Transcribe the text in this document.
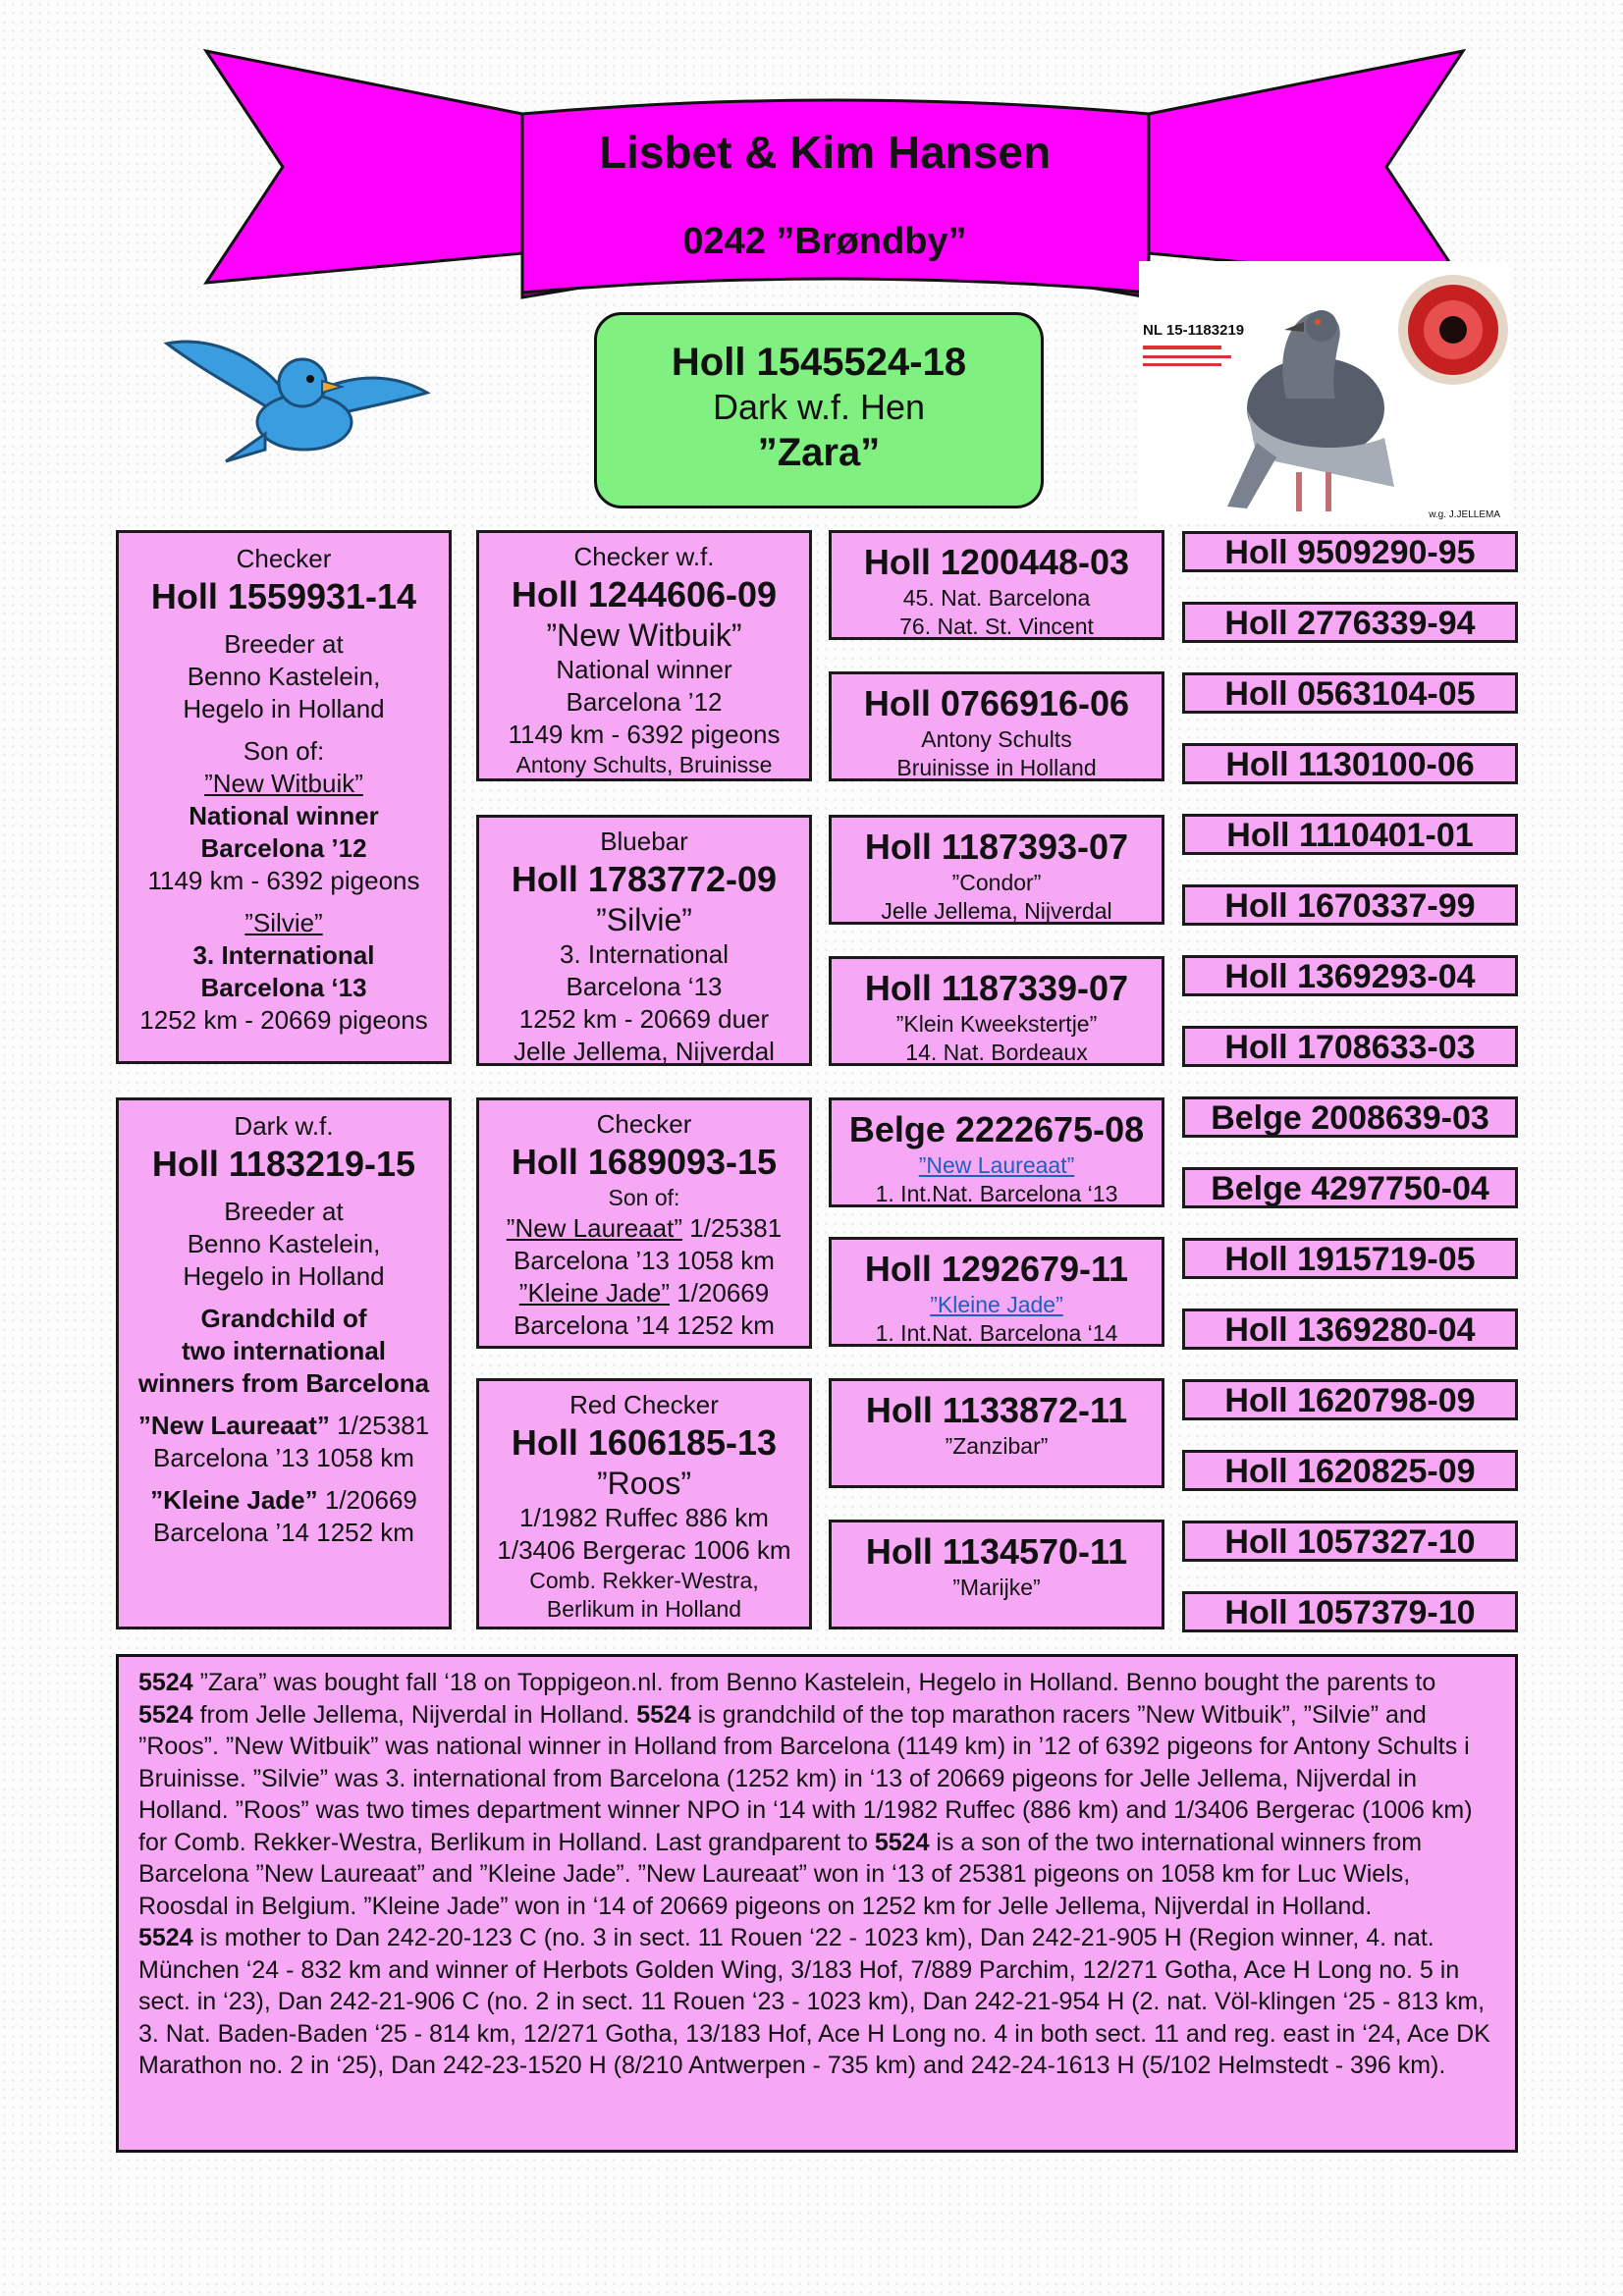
Lisbet & Kim Hansen
0242 ”Brøndby”
Holl 1545524-18
Dark w.f. Hen
”Zara”
NL 15-1183219
w.g. J.JELLEMA
Checker
Holl 1559931-14
Breeder at
Benno Kastelein,
Hegelo in Holland
Son of:
”New Witbuik”
National winner
Barcelona ’12
1149 km - 6392 pigeons
”Silvie”
3. International
Barcelona ‘13
1252 km - 20669 pigeons
Dark w.f.
Holl 1183219-15
Breeder at
Benno Kastelein,
Hegelo in Holland
Grandchild of
two international
winners from Barcelona
”New Laureaat” 1/25381
Barcelona ’13 1058 km
”Kleine Jade” 1/20669
Barcelona ’14 1252 km
Checker w.f.
Holl 1244606-09
”New Witbuik”
National winner
Barcelona ’12
1149 km - 6392 pigeons
Antony Schults, Bruinisse
Bluebar
Holl 1783772-09
”Silvie”
3. International
Barcelona ‘13
1252 km - 20669 duer
Jelle Jellema, Nijverdal
Checker
Holl 1689093-15
Son of:
”New Laureaat” 1/25381
Barcelona ’13 1058 km
”Kleine Jade” 1/20669
Barcelona ’14 1252 km
Red Checker
Holl 1606185-13
”Roos”
1/1982 Ruffec 886 km
1/3406 Bergerac 1006 km
Comb. Rekker-Westra,
Berlikum in Holland
Holl 1200448-03
45. Nat. Barcelona
76. Nat. St. Vincent
Holl 0766916-06
Antony Schults
Bruinisse in Holland
Holl 1187393-07
”Condor”
Jelle Jellema, Nijverdal
Holl 1187339-07
”Klein Kweekstertje”
14. Nat. Bordeaux
Belge 2222675-08
”New Laureaat”
1. Int.Nat. Barcelona ‘13
Holl 1292679-11
”Kleine Jade”
1. Int.Nat. Barcelona ‘14
Holl 1133872-11
”Zanzibar”
Holl 1134570-11
”Marijke”
Holl 9509290-95
Holl 2776339-94
Holl 0563104-05
Holl 1130100-06
Holl 1110401-01
Holl 1670337-99
Holl 1369293-04
Holl 1708633-03
Belge 2008639-03
Belge 4297750-04
Holl 1915719-05
Holl 1369280-04
Holl 1620798-09
Holl 1620825-09
Holl 1057327-10
Holl 1057379-10

5524 ”Zara” was bought fall ‘18 on Toppigeon.nl. from Benno Kastelein, Hegelo in Holland. Benno bought the parents to 5524 from Jelle Jellema, Nijverdal in Holland. 5524 is grandchild of the top marathon racers ”New Witbuik”, ”Silvie” and ”Roos”. ”New Witbuik” was national winner in Holland from Barcelona (1149 km) in ’12 of 6392 pigeons for Antony Schults i Bruinisse. ”Silvie” was 3. international from Barcelona (1252 km) in ‘13 of 20669 pigeons for Jelle Jellema, Nijverdal in Holland. ”Roos” was two times department winner NPO in ‘14 with 1/1982 Ruffec (886 km) and 1/3406 Bergerac (1006 km) for Comb. Rekker-Westra, Berlikum in Holland. Last grandparent to 5524 is a son of the two international winners from Barcelona ”New Laureaat” and ”Kleine Jade”. ”New Laureaat” won in ‘13 of 25381 pigeons on 1058 km for Luc Wiels, Roosdal in Belgium. ”Kleine Jade” won in ‘14 of 20669 pigeons on 1252 km for Jelle Jellema, Nijverdal in Holland.

5524 is mother to Dan 242-20-123 C (no. 3 in sect. 11 Rouen ‘22 - 1023 km), Dan 242-21-905 H (Region winner, 4. nat. München ‘24 - 832 km and winner of Herbots Golden Wing, 3/183 Hof, 7/889 Parchim, 12/271 Gotha, Ace H Long no. 5 in sect. in ‘23), Dan 242-21-906 C (no. 2 in sect. 11 Rouen ‘23 - 1023 km), Dan 242-21-954 H (2. nat. Völ-klingen ‘25 - 813 km, 3. Nat. Baden-Baden ‘25 - 814 km, 12/271 Gotha, 13/183 Hof, Ace H Long no. 4 in both sect. 11 and reg. east in ‘24, Ace DK Marathon no. 2 in ‘25), Dan 242-23-1520 H (8/210 Antwerpen - 735 km) and 242-24-1613 H (5/102 Helmstedt - 396 km).
